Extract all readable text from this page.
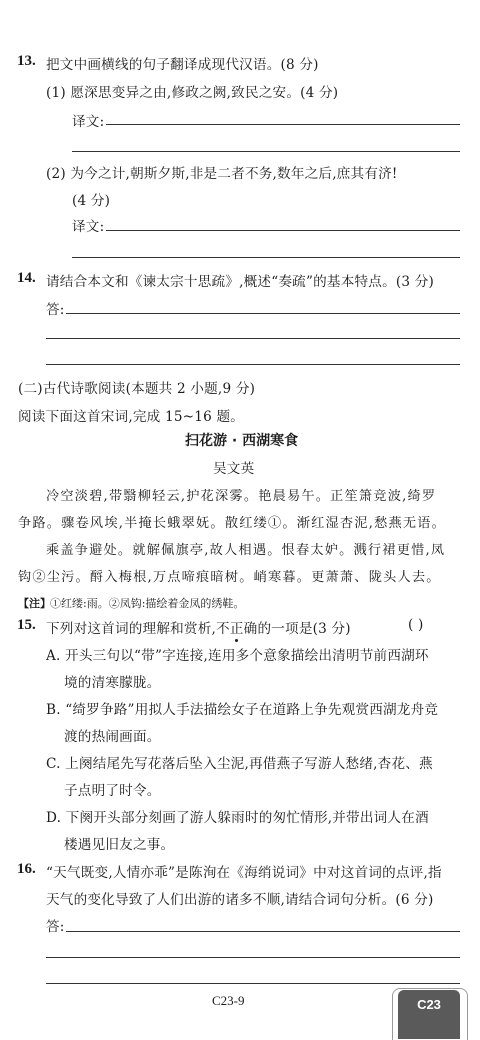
13. 把文中画横线的句子翻译成现代汉语。(8 分)
(1) 愿深思变异之由,修政之阙,致民之安。(4 分)
译文:
(2) 为今之计,朝斯夕斯,非是二者不务,数年之后,庶其有济!
(4 分)
译文:
14. 请结合本文和《谏太宗十思疏》,概述“奏疏”的基本特点。(3 分)
答:
(二)古代诗歌阅读(本题共 2 小题,9 分)
阅读下面这首宋词,完成 15~16 题。
扫花游 · 西湖寒食
吴文英
冷空淡碧,带翳柳轻云,护花深雾。艳晨易午。正笙箫竞波,绮罗
争路。骤卷风埃,半掩长蛾翠妩。散红缕①。渐红湿杏泥,愁燕无语。
乘盖争避处。就解佩旗亭,故人相遇。恨春太妒。溅行裙更惜,凤
钩②尘污。酹入梅根,万点啼痕暗树。峭寒暮。更萧萧、陇头人去。
【注】 ①红缕:雨。②凤钩:描绘着金凤的绣鞋。
15. 下列对这首词的理解和赏析,不正确的一项是(3 分)	( )
A. 开头三句以“带”字连接,连用多个意象描绘出清明节前西湖环
境的清寒朦胧。
B. “绮罗争路”用拟人手法描绘女子在道路上争先观赏西湖龙舟竞
渡的热闹画面。
C. 上阕结尾先写花落后坠入尘泥,再借燕子写游人愁绪,杏花、燕
子点明了时令。
D. 下阕开头部分刻画了游人躲雨时的匆忙情形,并带出词人在酒
楼遇见旧友之事。
16. “天气既变,人情亦乖”是陈洵在《海绡说词》中对这首词的点评,指
天气的变化导致了人们出游的诸多不顺,请结合词句分析。(6 分)
答:
C23-9	C23
